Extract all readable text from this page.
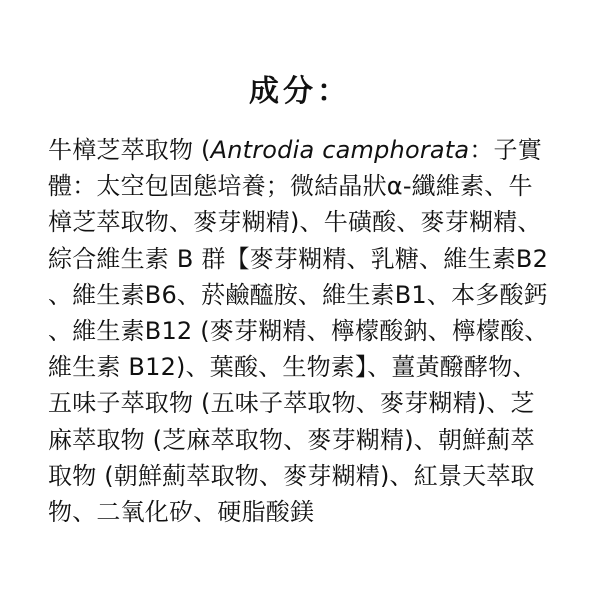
成分：
牛樟芝萃取物 (Antrodia camphorata：子實
體：太空包固態培養；微結晶狀α-纖維素、牛
樟芝萃取物、麥芽糊精)、牛磺酸、麥芽糊精、
綜合維生素 B 群【麥芽糊精、乳糖、維生素B2
、維生素B6、菸鹼醯胺、維生素B1、本多酸鈣
、維生素B12 (麥芽糊精、檸檬酸鈉、檸檬酸、
維生素 B12)、葉酸、生物素】、薑黃醱酵物、
五味子萃取物 (五味子萃取物、麥芽糊精)、芝
麻萃取物 (芝麻萃取物、麥芽糊精)、朝鮮薊萃
取物 (朝鮮薊萃取物、麥芽糊精)、紅景天萃取
物、二氧化矽、硬脂酸鎂
